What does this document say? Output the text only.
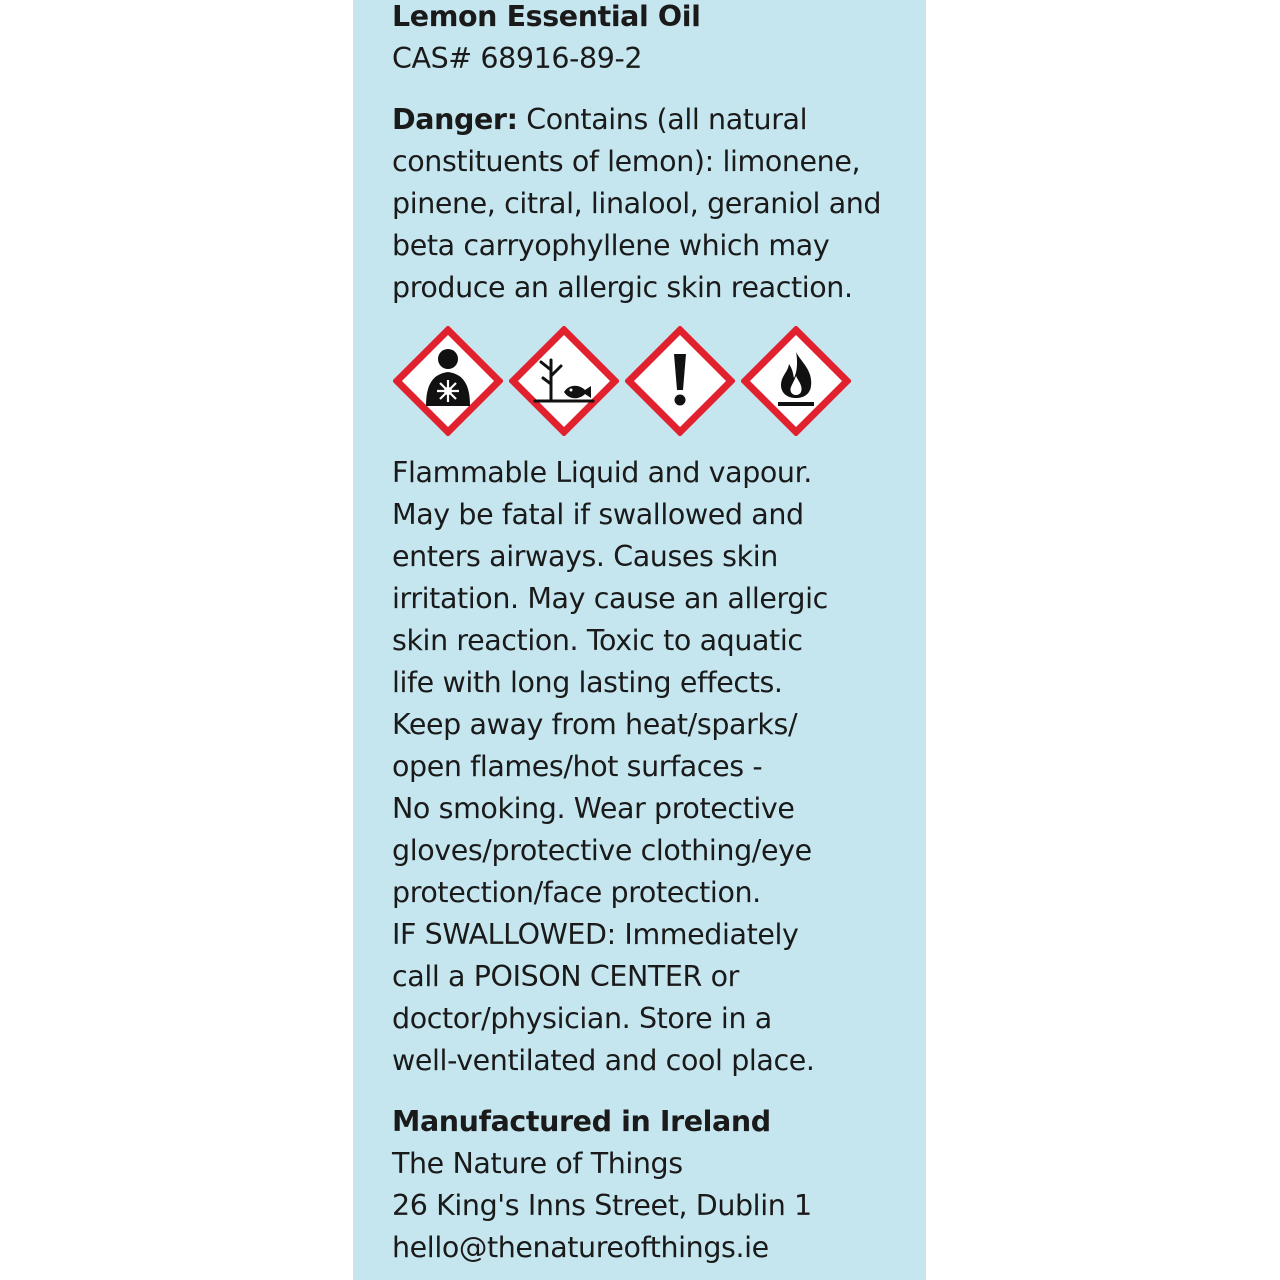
Lemon Essential Oil
CAS# 68916-89-2
Danger: Contains (all natural
constituents of lemon): limonene,
pinene, citral, linalool, geraniol and
beta carryophyllene which may
produce an allergic skin reaction.
Flammable Liquid and vapour.
May be fatal if swallowed and
enters airways. Causes skin
irritation. May cause an allergic
skin reaction. Toxic to aquatic
life with long lasting effects.
Keep away from heat/sparks/
open flames/hot surfaces -
No smoking. Wear protective
gloves/protective clothing/eye
protection/face protection.
IF SWALLOWED: Immediately
call a POISON CENTER or
doctor/physician. Store in a
well-ventilated and cool place.
Manufactured in Ireland
The Nature of Things
26 King's Inns Street, Dublin 1
hello@thenatureofthings.ie
